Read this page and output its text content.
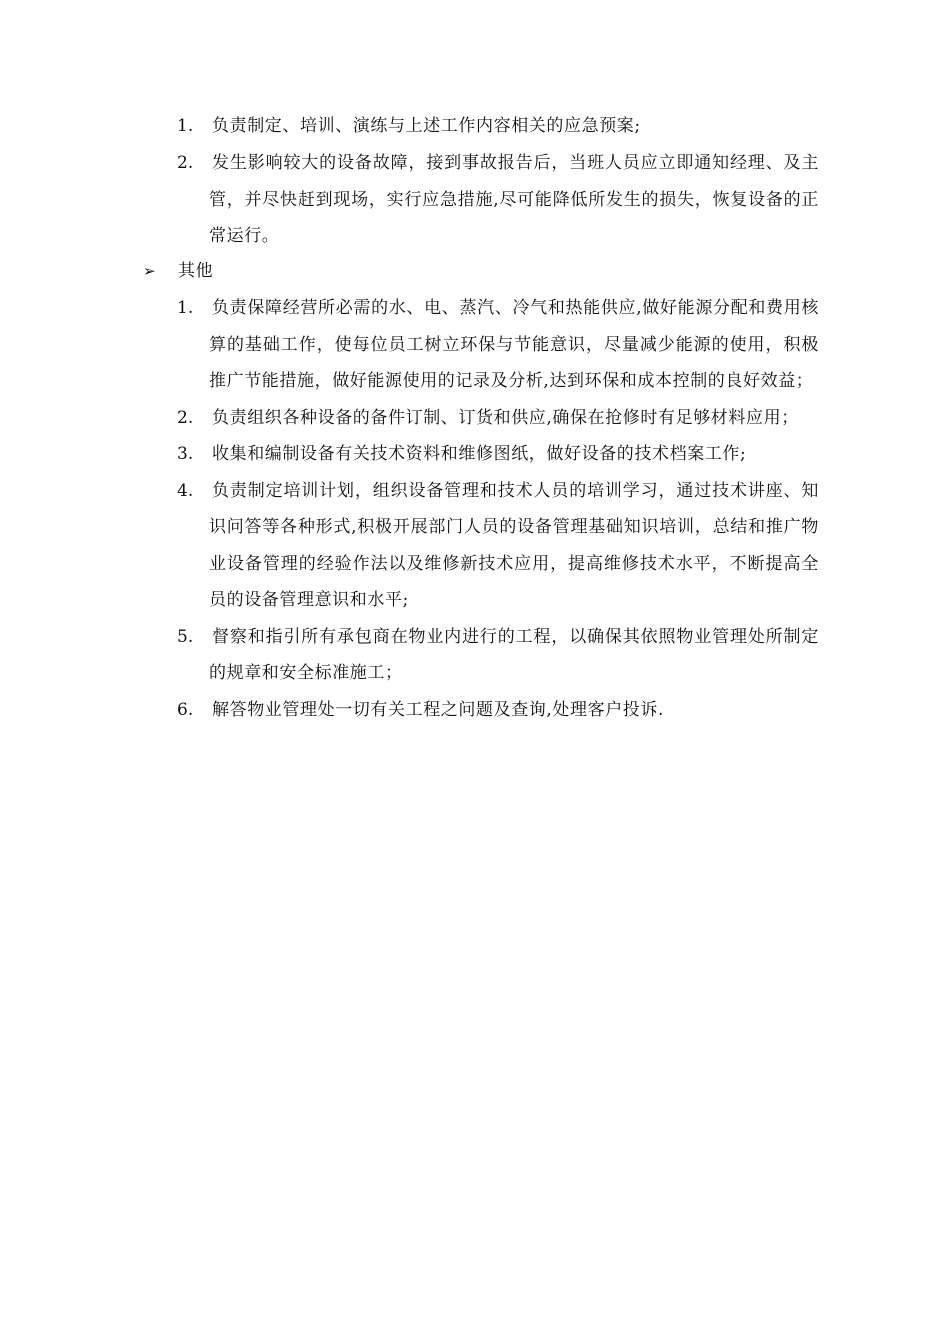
1. 负责制定、培训、演练与上述工作内容相关的应急预案;
2. 发生影响较大的设备故障，接到事故报告后，当班人员应立即通知经理、及主管，并尽快赶到现场，实行应急措施,尽可能降低所发生的损失，恢复设备的正常运行。
➢ 其他
1. 负责保障经营所必需的水、电、蒸汽、冷气和热能供应,做好能源分配和费用核算的基础工作，使每位员工树立环保与节能意识，尽量减少能源的使用，积极推广节能措施，做好能源使用的记录及分析,达到环保和成本控制的良好效益；
2. 负责组织各种设备的备件订制、订货和供应,确保在抢修时有足够材料应用；
3. 收集和编制设备有关技术资料和维修图纸，做好设备的技术档案工作;
4. 负责制定培训计划，组织设备管理和技术人员的培训学习，通过技术讲座、知识问答等各种形式,积极开展部门人员的设备管理基础知识培训，总结和推广物业设备管理的经验作法以及维修新技术应用，提高维修技术水平，不断提高全员的设备管理意识和水平;
5. 督察和指引所有承包商在物业内进行的工程，以确保其依照物业管理处所制定的规章和安全标准施工；
6. 解答物业管理处一切有关工程之问题及查询,处理客户投诉.
